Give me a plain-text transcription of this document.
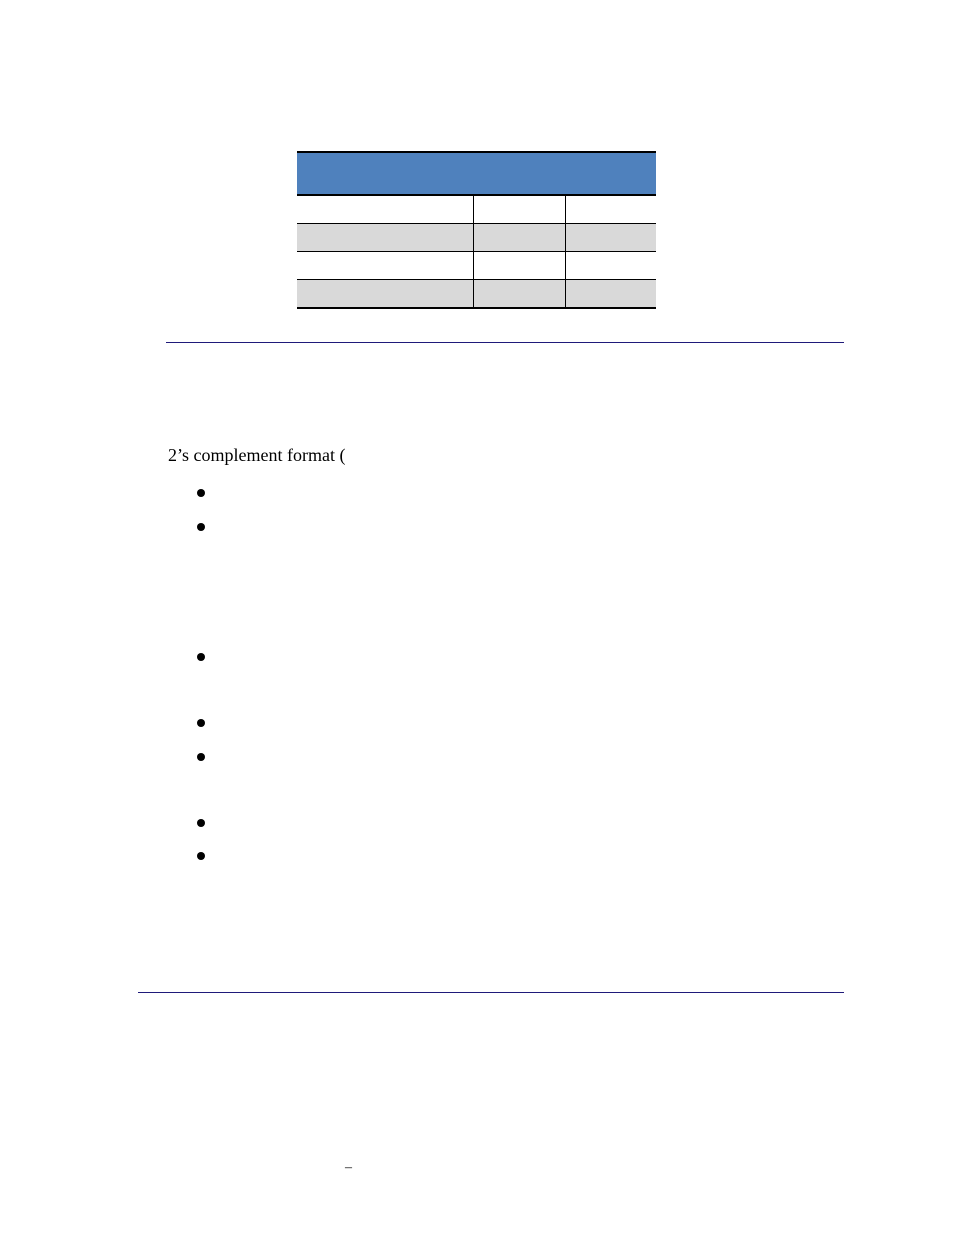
2’s complement format (
–
